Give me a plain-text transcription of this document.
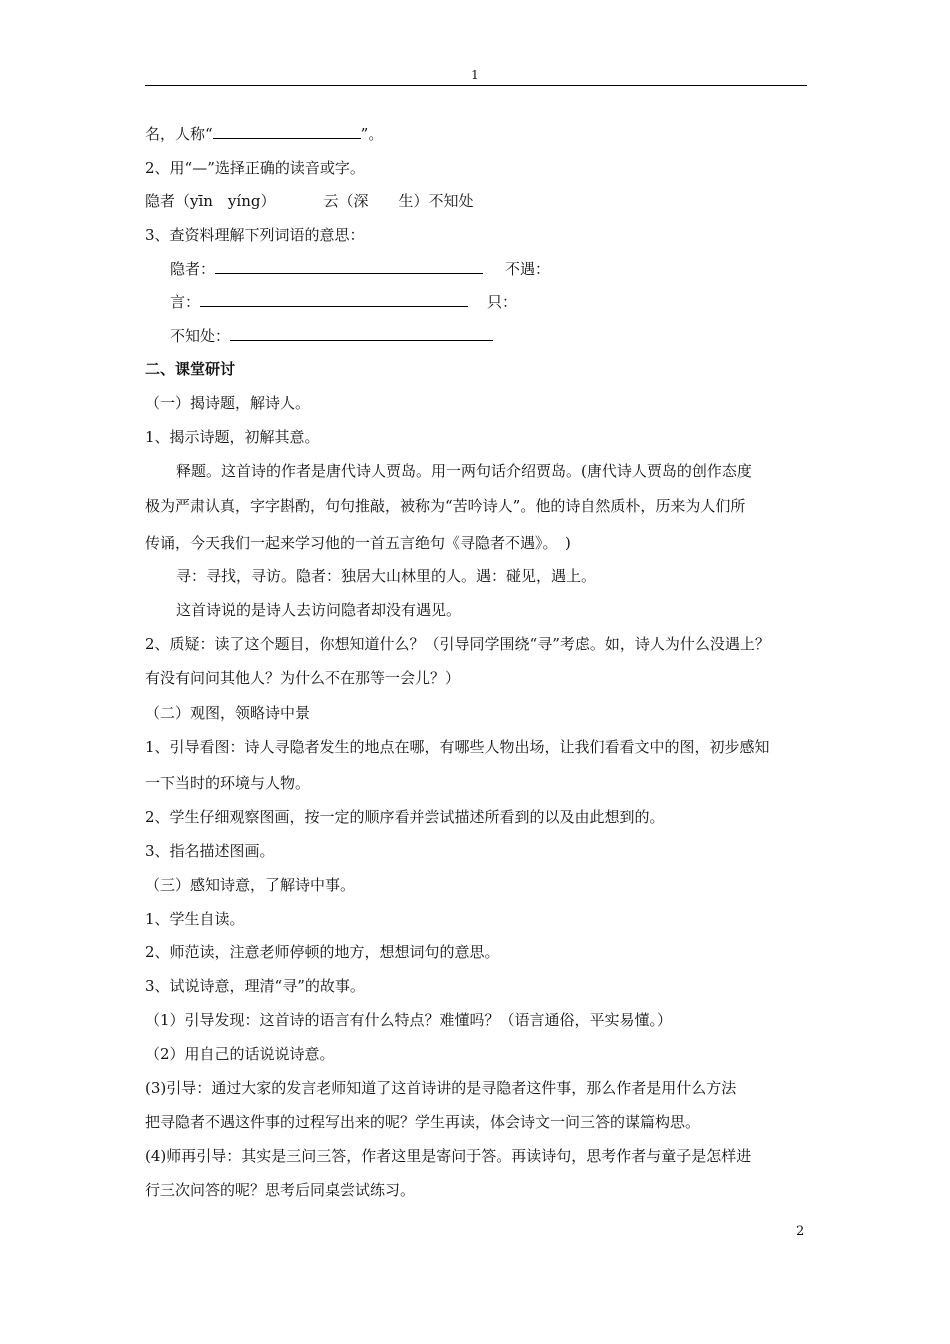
1
名，人称“	”。
2、用“—”选择正确的读音或字。
隐者（yīn　yíng）	云（深　　生）不知处
3、查资料理解下列词语的意思：
隐者：	不遇：
言：	只：
不知处：
二、课堂研讨
（一）揭诗题，解诗人。
1、揭示诗题，初解其意。
释题。这首诗的作者是唐代诗人贾岛。用一两句话介绍贾岛。(唐代诗人贾岛的创作态度
极为严肃认真，字字斟酌，句句推敲，被称为“苦吟诗人”。他的诗自然质朴，历来为人们所
传诵，今天我们一起来学习他的一首五言绝句《寻隐者不遇》。　)
寻：寻找，寻访。隐者：独居大山林里的人。遇：碰见，遇上。
这首诗说的是诗人去访问隐者却没有遇见。
2、质疑：读了这个题目，你想知道什么？（引导同学围绕“寻”考虑。如，诗人为什么没遇上？
有没有问问其他人？为什么不在那等一会儿？）
（二）观图，领略诗中景
1、引导看图：诗人寻隐者发生的地点在哪，有哪些人物出场，让我们看看文中的图，初步感知
一下当时的环境与人物。
2、学生仔细观察图画，按一定的顺序看并尝试描述所看到的以及由此想到的。
3、指名描述图画。
（三）感知诗意，了解诗中事。
1、学生自读。
2、师范读，注意老师停顿的地方，想想词句的意思。
3、试说诗意，理清“寻”的故事。
（1）引导发现：这首诗的语言有什么特点？难懂吗？（语言通俗，平实易懂。）
（2）用自己的话说说诗意。
(3)引导：通过大家的发言老师知道了这首诗讲的是寻隐者这件事，那么作者是用什么方法
把寻隐者不遇这件事的过程写出来的呢？学生再读，体会诗文一问三答的谋篇构思。
(4)师再引导：其实是三问三答，作者这里是寄问于答。再读诗句，思考作者与童子是怎样进
行三次问答的呢？思考后同桌尝试练习。
2
